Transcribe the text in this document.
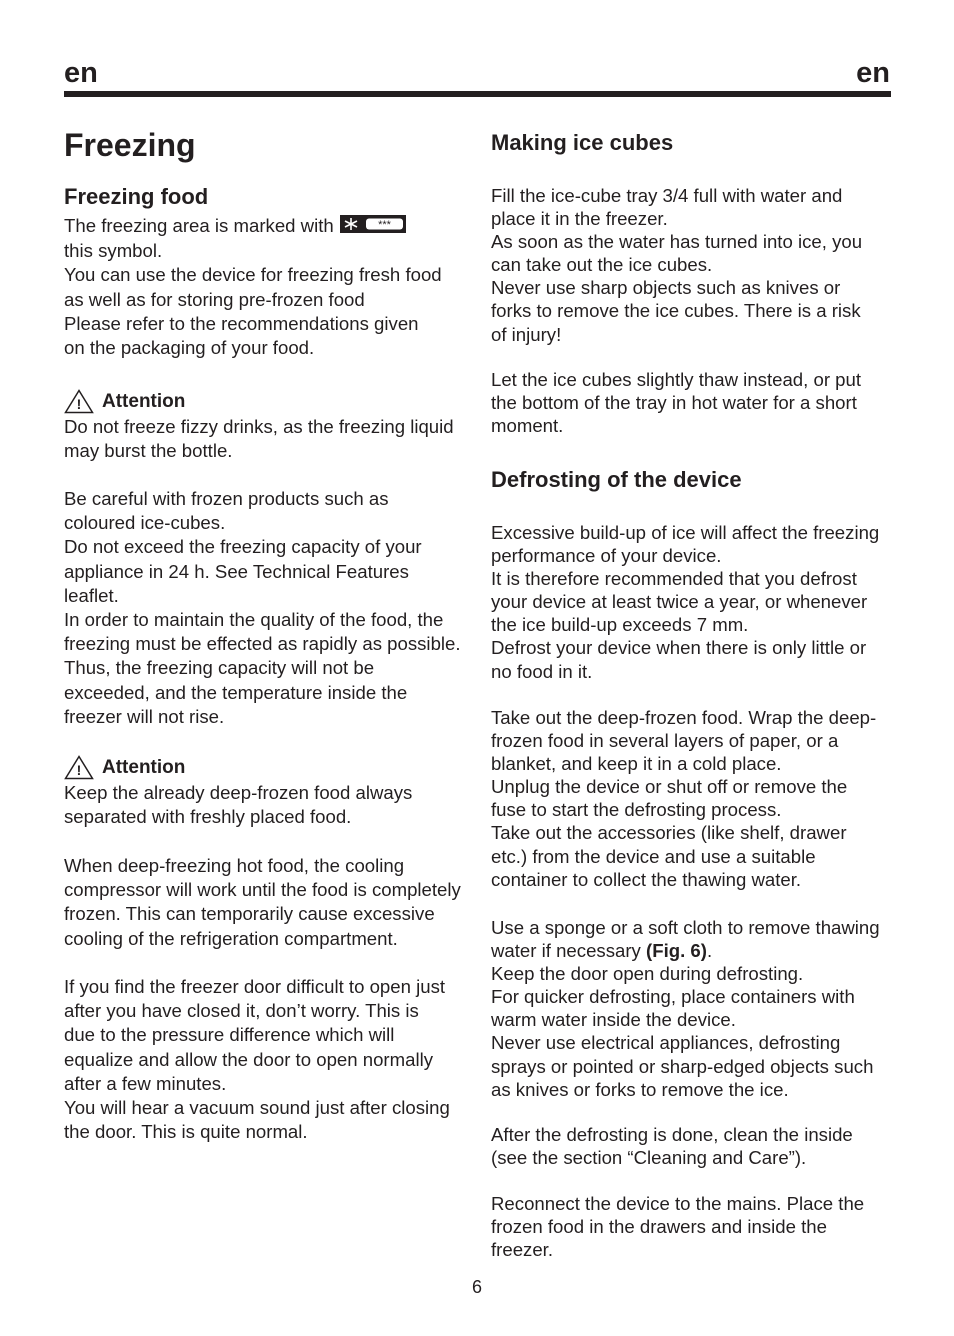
en	en
Freezing
Freezing food
The freezing area is marked with	***
this symbol.
You can use the device for freezing fresh food
as well as for storing pre-frozen food
Please refer to the recommendations given
on the packaging of your food.
! Attention
Do not freeze fizzy drinks, as the freezing liquid
may burst the bottle.
Be careful with frozen products such as
coloured ice-cubes.
Do not exceed the freezing capacity of your
appliance in 24 h. See Technical Features
leaflet.
In order to maintain the quality of the food, the
freezing must be effected as rapidly as possible.
Thus, the freezing capacity will not be
exceeded, and the temperature inside the
freezer will not rise.
! Attention
Keep the already deep-frozen food always
separated with freshly placed food.
When deep-freezing hot food, the cooling
compressor will work until the food is completely
frozen. This can temporarily cause excessive
cooling of the refrigeration compartment.
If you find the freezer door difficult to open just
after you have closed it, don’t worry. This is
due to the pressure difference which will
equalize and allow the door to open normally
after a few minutes.
You will hear a vacuum sound just after closing
the door. This is quite normal.
Making ice cubes
Fill the ice-cube tray 3/4 full with water and
place it in the freezer.
As soon as the water has turned into ice, you
can take out the ice cubes.
Never use sharp objects such as knives or
forks to remove the ice cubes. There is a risk
of injury!
Let the ice cubes slightly thaw instead, or put
the bottom of the tray in hot water for a short
moment.
Defrosting of the device
Excessive build-up of ice will affect the freezing
performance of your device.
It is therefore recommended that you defrost
your device at least twice a year, or whenever
the ice build-up exceeds 7 mm.
Defrost your device when there is only little or
no food in it.
Take out the deep-frozen food. Wrap the deep-
frozen food in several layers of paper, or a
blanket, and keep it in a cold place.
Unplug the device or shut off or remove the
fuse to start the defrosting process.
Take out the accessories (like shelf, drawer
etc.) from the device and use a suitable
container to collect the thawing water.
Use a sponge or a soft cloth to remove thawing
water if necessary (Fig. 6).
Keep the door open during defrosting.
For quicker defrosting, place containers with
warm water inside the device.
Never use electrical appliances, defrosting
sprays or pointed or sharp-edged objects such
as knives or forks to remove the ice.
After the defrosting is done, clean the inside
(see the section “Cleaning and Care”).
Reconnect the device to the mains. Place the
frozen food in the drawers and inside the
freezer.
6
